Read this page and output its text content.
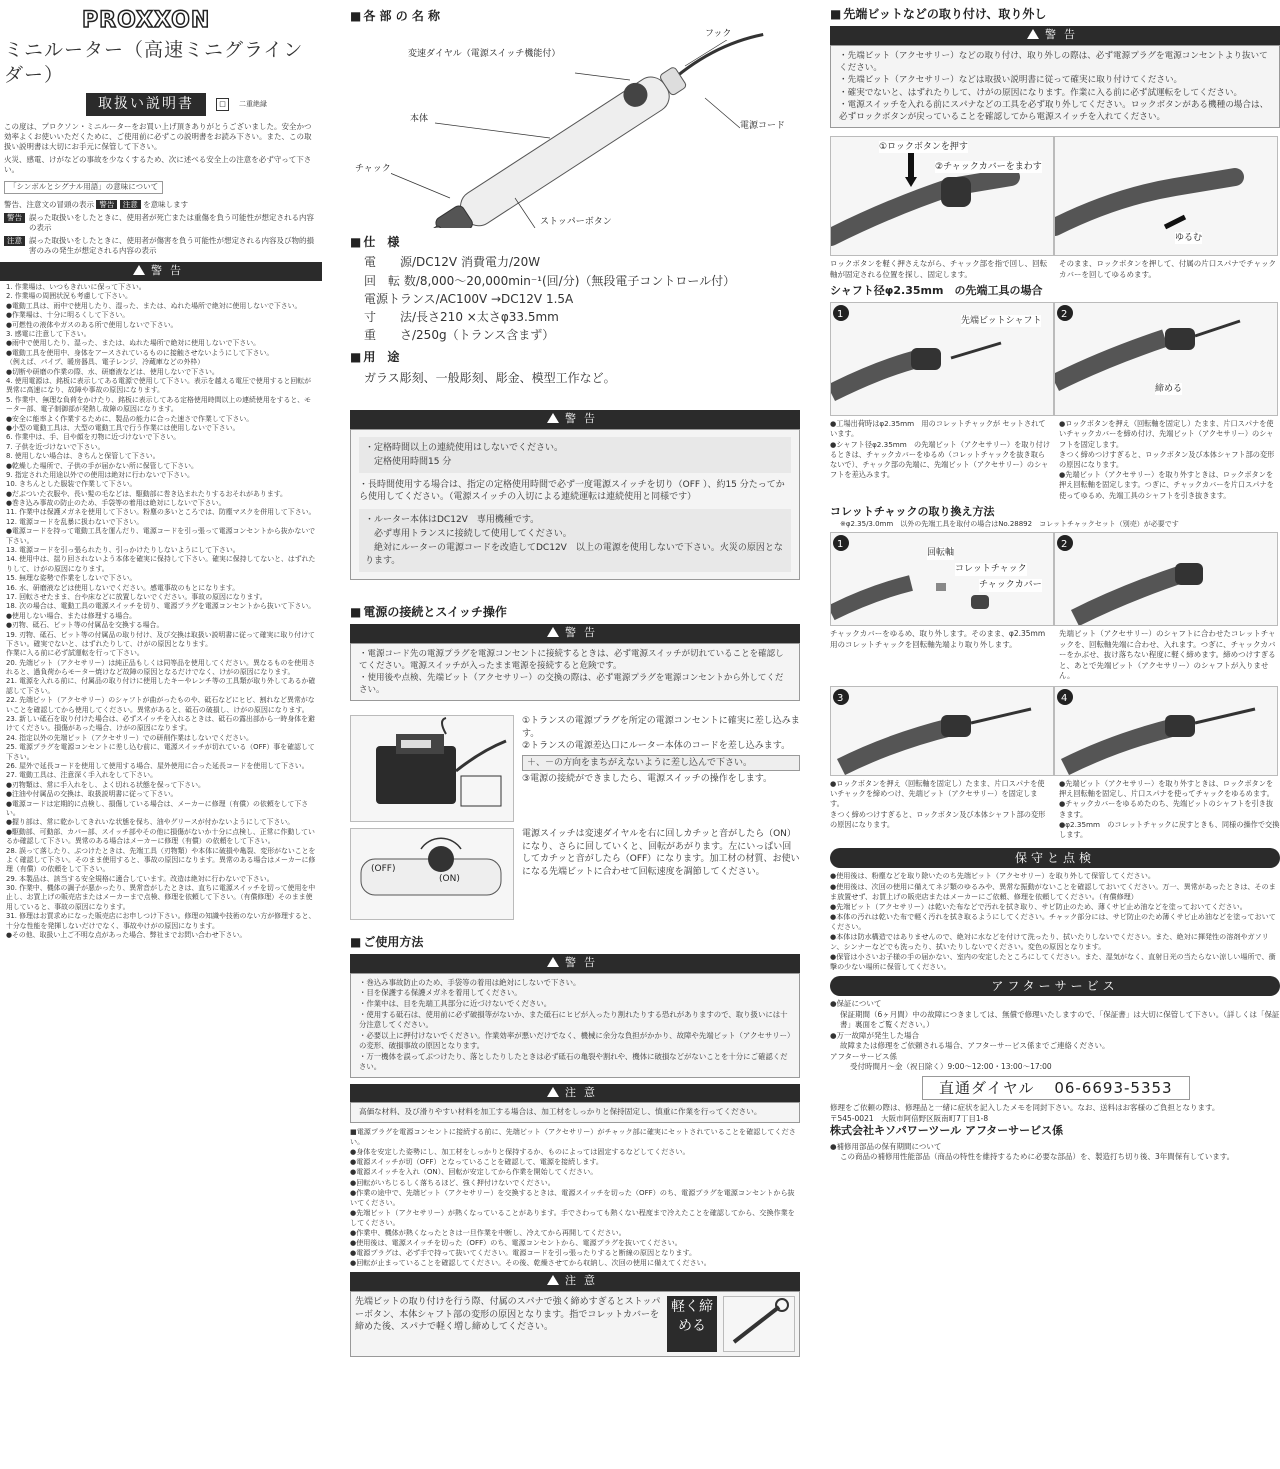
PROXXON
ミニルーター（高速ミニグラインダー）
取扱い説明書	□	二重絶縁
この度は、プロクソン・ミニルーターをお買い上げ頂きありがとうございました。安全かつ効率よくお使いいただくために、ご使用前に必ずこの説明書をお読み下さい。また、この取扱い説明書は大切にお手元に保管して下さい。
火災、感電、けがなどの事故を少なくするため、次に述べる安全上の注意を必ず守って下さい。
「シンボルとシグナル用語」の意味について
警告、注意文の冒頭の表示 警告 注意 を意味します
警告 誤った取扱いをしたときに、使用者が死亡または重傷を負う可能性が想定される内容の表示
注意 誤った取扱いをしたときに、使用者が傷害を負う可能性が想定される内容及び物的損害のみの発生が想定される内容の表示
警告
1. 作業場は、いつもきれいに保って下さい。
2. 作業場の周囲状況も考慮して下さい。
●電動工具は、雨中で使用したり、湿った、または、ぬれた場所で絶対に使用しないで下さい。
●作業場は、十分に明るくして下さい。
●可燃性の液体やガスのある所で使用しないで下さい。
3. 感電に注意して下さい。
●雨中で使用したり、湿った、または、ぬれた場所で絶対に使用しないで下さい。
●電動工具を使用中、身体をアースされているものに接触させないようにして下さい。
（例えば、パイプ、暖房器具、電子レンジ、冷蔵庫などの外枠）
●切断や研磨の作業の際、水、研磨液などは、使用しないで下さい。
4. 使用電源は、銘板に表示してある電源で使用して下さい。表示を越える電圧で使用すると回転が異常に高速になり、故障や事故の原因になります。
5. 作業中、無理な負荷をかけたり、銘板に表示してある定格使用時間以上の連続使用をすると、モーター部、電子制御部が発熱し故障の原因になります。
●安全に能率よく作業するために、製品の能力に合った速さで作業して下さい。
●小型の電動工具は、大型の電動工具で行う作業には使用しないで下さい。
6. 作業中は、手、目や顔を刃物に近づけないで下さい。
7. 子供を近づけないで下さい。
8. 使用しない場合は、きちんと保管して下さい。
●乾燥した場所で、子供の手が届かない所に保管して下さい。
9. 指定された用途以外での使用は絶対に行わないで下さい。
10. きちんとした服装で作業して下さい。
●だぶついた衣服や、長い髪の毛などは、駆動部に巻き込まれたりするおそれがあります。
●巻き込み事故の防止のため、手袋等の着用は絶対にしないで下さい。
11. 作業中は保護メガネを使用して下さい。粉塵の多いところでは、防塵マスクを併用して下さい。
12. 電源コードを乱暴に扱わないで下さい。
●電源コードを持って電動工具を運んだり、電源コードを引っ張って電源コンセントから抜かないで下さい。
13. 電源コードを引っ張られたり、引っかけたりしないようにして下さい。
14. 使用中は、揺り回されないよう本体を確実に保持して下さい。確実に保持してないと、はずれたりして、けがの原因になります。
15. 無理な姿勢で作業をしないで下さい。
16. 水、研磨液などは使用しないでください。感電事故のもとになります。
17. 回転させたまま、台や床などに放置しないでください。事故の原因になります。
18. 次の場合は、電動工具の電源スイッチを切り、電源プラグを電源コンセントから抜いて下さい。
●使用しない場合、または修理する場合。
●刃物、砥石、ビット等の付属品を交換する場合。
19. 刃物、砥石、ビット等の付属品の取り付け、及び交換は取扱い説明書に従って確実に取り付けて下さい。確実でないと、はずれたりして、けがの原因となります。
作業に入る前に必ず試運転を行って下さい。
20. 先端ビット（アクセサリー）は純正品もしくは同等品を使用してください。異なるものを使用されると、過負荷からモーター焼けなど故障の原因となるだけでなく、けがの原因になります。
21. 電源を入れる前に、付属品の取り付けに使用したキーやレンチ等の工具類が取り外してあるか確認して下さい。
22. 先端ビット（アクセサリー）のシャフトが曲がったものや、砥石などにヒビ、割れなど異常がないことを確認してから使用してください。異常があると、砥石の破損し、けがの原因になります。
23. 新しい砥石を取り付けた場合は、必ずスイッチを入れるときは、砥石の露出部から一時身体を避けてください。損傷があった場合、けがの原因になります。
24. 指定以外の先端ビット（アクセサリー）での研削作業はしないでください。
25. 電源プラグを電源コンセントに差し込む前に、電源スイッチが切れている（OFF）事を確認して下さい。
26. 屋外で延長コードを使用して使用する場合、屋外使用に合った延長コードを使用して下さい。
27. 電動工具は、注意深く手入れをして下さい。
●刃物類は、常に手入れをし、よく切れる状態を保って下さい。
●注油や付属品の交換は、取扱説明書に従って下さい。
●電源コードは定期的に点検し、損傷している場合は、メーカーに修理（有償）の依頼をして下さい。
●握り部は、常に乾かしてきれいな状態を保ち、油やグリースが付かないようにして下さい。
●駆動部、可動部、カバー部、スイッチ部やその他に損傷がないか十分に点検し、正常に作動しているか確認して下さい。異常のある場合はメーカーに修理（有償）の依頼をして下さい。
28. 誤って落したり、ぶつけたときは、先端工具（刃物類）や本体に破損や亀裂、変形がないことをよく確認して下さい。そのまま使用すると、事故の原因になります。異常のある場合はメーカーに修理（有償）の依頼をして下さい。
29. 本製品は、該当する安全規格に適合しています。改造は絶対に行わないで下さい。
30. 作業中、機体の調子が悪かったり、異常音がしたときは、直ちに電源スイッチを切って使用を中止し、お買上げの販売店またはメーカーまで点検、修理を依頼して下さい。（有償修理）そのまま使用していると、事故の原因になります。
31. 修理はお買求めになった販売店にお申しつけ下さい。修理の知識や技術のない方が修理すると、十分な性能を発揮しないだけでなく、事故やけがの原因になります。
●その他、取扱い上ご不明な点があった場合、弊社までお問い合わせ下さい。
■ 各 部 の 名 称
変速ダイヤル（電源スイッチ機能付）
フック
本体
電源コード
チャック
ストッパーボタン
■ 仕　様
電　　源/DC12V 消費電力/20W
回　転 数/8,000～20,000min⁻¹(回/分)（無段電子コントロール付）
電源トランス/AC100V →DC12V 1.5A
寸　　法/長さ210 ×太さφ33.5mm
重　　さ/250g（トランス含まず）
■ 用　途
ガラス彫刻、一般彫刻、彫金、模型工作など。
警告
・定格時間以上の連続使用はしないでください。
　定格使用時間15 分
・長時間使用する場合は、指定の定格使用時間で必ず一度電源スイッチを切り（OFF ）、約15 分たってから使用してください。（電源スイッチの入切による連続運転は連続使用と同様です）
・ルーター本体はDC12V　専用機種です。
　必ず専用トランスに接続して使用してください。
　絶対にルーターの電源コードを改造してDC12V　以上の電源を使用しないで下さい。火災の原因となります。
■ 電源の接続とスイッチ操作
警告
・電源コード先の電源プラグを電源コンセントに接続するときは、必ず電源スイッチが切れていることを確認してください。電源スイッチが入ったまま電源を接続すると危険です。
・使用後や点検、先端ビット（アクセサリー）の交換の際は、必ず電源プラグを電源コンセントから外してください。
①トランスの電源プラグを所定の電源コンセントに確実に差し込みます。
②トランスの電源差込口にルーター本体のコードを差し込みます。
＋、－の方向をまちがえないように差し込んで下さい。
③電源の接続ができましたら、電源スイッチの操作をします。
(OFF)
(ON)
電源スイッチは変速ダイヤルを右に回しカチッと音がしたら（ON）になり、さらに回していくと、回転があがります。左にいっぱい回してカチッと音がしたら（OFF）になります。加工材の材質、お使いになる先端ビットに合わせて回転速度を調節してください。
■ ご使用方法
警告
・巻込み事故防止のため、手袋等の着用は絶対にしないで下さい。
・目を保護する保護メガネを着用してください。
・作業中は、目を先端工具部分に近づけないでください。
・使用する砥石は、使用前に必ず破損等がないか、また砥石にヒビが入ったり割れたりする恐れがありますので、取り扱いには十分注意してください。
・必要以上に押付けないでください。作業効率が悪いだけでなく、機械に余分な負担がかかり、故障や先端ビット（アクセサリー）の変形、破損事故の原因となります。
・万一機体を誤ってぶつけたり、落としたりしたときは必ず砥石の亀裂や割れや、機体に破損などがないことを十分にご確認ください。
注意
高価な材料、及び滑りやすい材料を加工する場合は、加工材をしっかりと保持固定し、慎重に作業を行ってください。
■電源プラグを電源コンセントに接続する前に、先端ビット（アクセサリー）がチャック部に確実にセットされていることを確認してください。
●身体を安定した姿勢にし、加工材をしっかりと保持するか、ものによっては固定するなどしてください。
●電源スイッチが切（OFF）となっていることを確認して、電源を接続します。
●電源スイッチを入れ（ON）、回転が安定してから作業を開始してください。
●回転がいちじるしく落ちるほど、強く押付けないでください。
●作業の途中で、先端ビット（アクセサリー）を交換するときは、電源スイッチを切った（OFF）のち、電源プラグを電源コンセントから抜いてください。
●先端ビット（アクセサリー）が熱くなっていることがあります。手でさわっても熱くない程度まで冷えたことを確認してから、交換作業をしてください。
●作業中、機体が熱くなったときは一旦作業を中断し、冷えてから再開してください。
●使用後は、電源スイッチを切った（OFF）のち、電源コンセントから、電源プラグを抜いてください。
●電源プラグは、必ず手で持って抜いてください。電源コードを引っ張ったりすると断線の原因となります。
●回転が止まっていることを確認してください。その後、乾燥させてから収納し、次回の使用に備えてください。
注意
先端ビットの取り付けを行う際、付属のスパナで強く締めすぎるとストッパーボタン、本体シャフト部の変形の原因となります。指でコレットカバーを締めた後、スパナで軽く増し締めしてください。
軽く締める
■ 先端ビットなどの取り付け、取り外し
警告
・先端ビット（アクセサリー）などの取り付け、取り外しの際は、必ず電源プラグを電源コンセントより抜いてください。
・先端ビット（アクセサリー）などは取扱い説明書に従って確実に取り付けてください。
・確実でないと、はずれたりして、けがの原因になります。作業に入る前に必ず試運転をしてください。
・電源スイッチを入れる前にスパナなどの工具を必ず取り外してください。ロックボタンがある機種の場合は、必ずロックボタンが戻っていることを確認してから電源スイッチを入れてください。
①ロックボタンを押す
②チャックカバーをまわす
ゆるむ
ロックボタンを軽く押さえながら、チャック部を指で回し、回転軸が固定される位置を探し、固定します。
そのまま、ロックボタンを押して、付属の片口スパナでチャックカバーを回してゆるめます。
シャフト径φ2.35mm　の先端工具の場合
1
先端ビットシャフト
2
締める
●工場出荷時はφ2.35mm　用のコレットチャックが セットされています。
●シャフト径φ2.35mm　の先端ビット（アクセサリー）を取り付けるときは、チャックカバーをゆるめ（コレットチャックを抜き取らないで）、チャック部の先端に、先端ビット（アクセサリー）のシャフトを差込みます。
●ロックボタンを押え（回転軸を固定し）たまま、片口スパナを使いチャックカバーを締め付け、先端ビット（アクセサリー）のシャフトを固定します。
きつく締めつけすぎると、ロックボタン及び本体シャフト部の変形の原因になります。
●先端ビット（アクセサリー）を取り外すときは、ロックボタンを押え回転軸を固定します。つぎに、チャックカバーを片口スパナを使ってゆるめ、先端工具のシャフトを引き抜きます。
コレットチャックの取り換え方法
※φ2.35/3.0mm　以外の先端工具を取付の場合はNo.28892　コレットチャックセット（別売）が必要です
1
回転軸
コレットチャック
チャックカバー
2
チャックカバーをゆるめ、取り外します。そのまま、φ2.35mm　用のコレットチャックを回転軸先端より取り外します。
先端ビット（アクセサリー）のシャフトに合わせたコレットチャックを、回転軸先端に合わせ、入れます。つぎに、チャックカバーをかぶせ、抜け落ちない程度に軽く締めます。締めつけすぎると、あとで先端ビット（アクセサリー）のシャフトが入りません。
3	4
●ロックボタンを押え（回転軸を固定し）たまま、片口スパナを使いチャックを締めつけ、先端ビット（アクセサリー）を固定します。
きつく締めつけすぎると、ロックボタン及び本体シャフト部の変形の原因になります。
●先端ビット（アクセサリー）を取り外すときは、ロックボタンを押え回転軸を固定し、片口スパナを使ってチャックをゆるめます。
●チャックカバーをゆるめたのち、先端ビットのシャフトを引き抜きます。
●φ2.35mm　のコレットチャックに戻すときも、同様の操作で交換します。
保守と点検
●使用後は、粉塵などを取り除いたのち先端ビット（アクセサリー）を取り外して保管してください。
●使用後は、次回の使用に備えてネジ類のゆるみや、異常な振動がないことを確認しておいてください。万一、異常があったときは、そのまま放置せず、お買上げの販売店またはメーカーにご依頼、修理を依頼してください。（有償修理）
●先端ビット（アクセサリー）は乾いた布などで汚れを拭き取り、サビ防止のため、薄くサビ止め油などを塗っておいてください。
●本体の汚れは乾いた布で軽く汚れを拭き取るようにしてください。チャック部分には、サビ防止のため薄くサビ止め油などを塗っておいてください。
●本体は防水構造ではありませんので、絶対に水などを付けて洗ったり、拭いたりしないでください。また、絶対に揮発性の溶剤やガソリン、シンナーなどでも洗ったり、拭いたりしないでください。変色の原因となります。
●保管は小さいお子様の手の届かない、室内の安定したところにしてください。また、湿気がなく、直射日光の当たらない涼しい場所で、衝撃の少ない場所に保管してください。
アフターサービス
●保証について
保証期間（6ヶ月間）中の故障につきましては、無償で修理いたしますので、「保証書」は大切に保管して下さい。（詳しくは「保証書」裏面をご覧ください。）
●万一故障が発生した場合
故障または修理をご依頼される場合、アフターサービス係までご連絡ください。
アフターサービス係
受付時間月～金（祝日除く）9:00～12:00・13:00～17:00
直通ダイヤル 06-6693-5353
修理をご依頼の際は、修理品と一緒に症状を記入したメモを同封下さい。なお、送料はお客様のご負担となります。
〒545-0021　大阪市阿倍野区阪南町7丁目1-8
株式会社キソパワーツール アフターサービス係
●補修用部品の保有期間について
この商品の補修用性能部品（商品の特性を維持するために必要な部品）を、製造打ち切り後、3年間保有しています。
